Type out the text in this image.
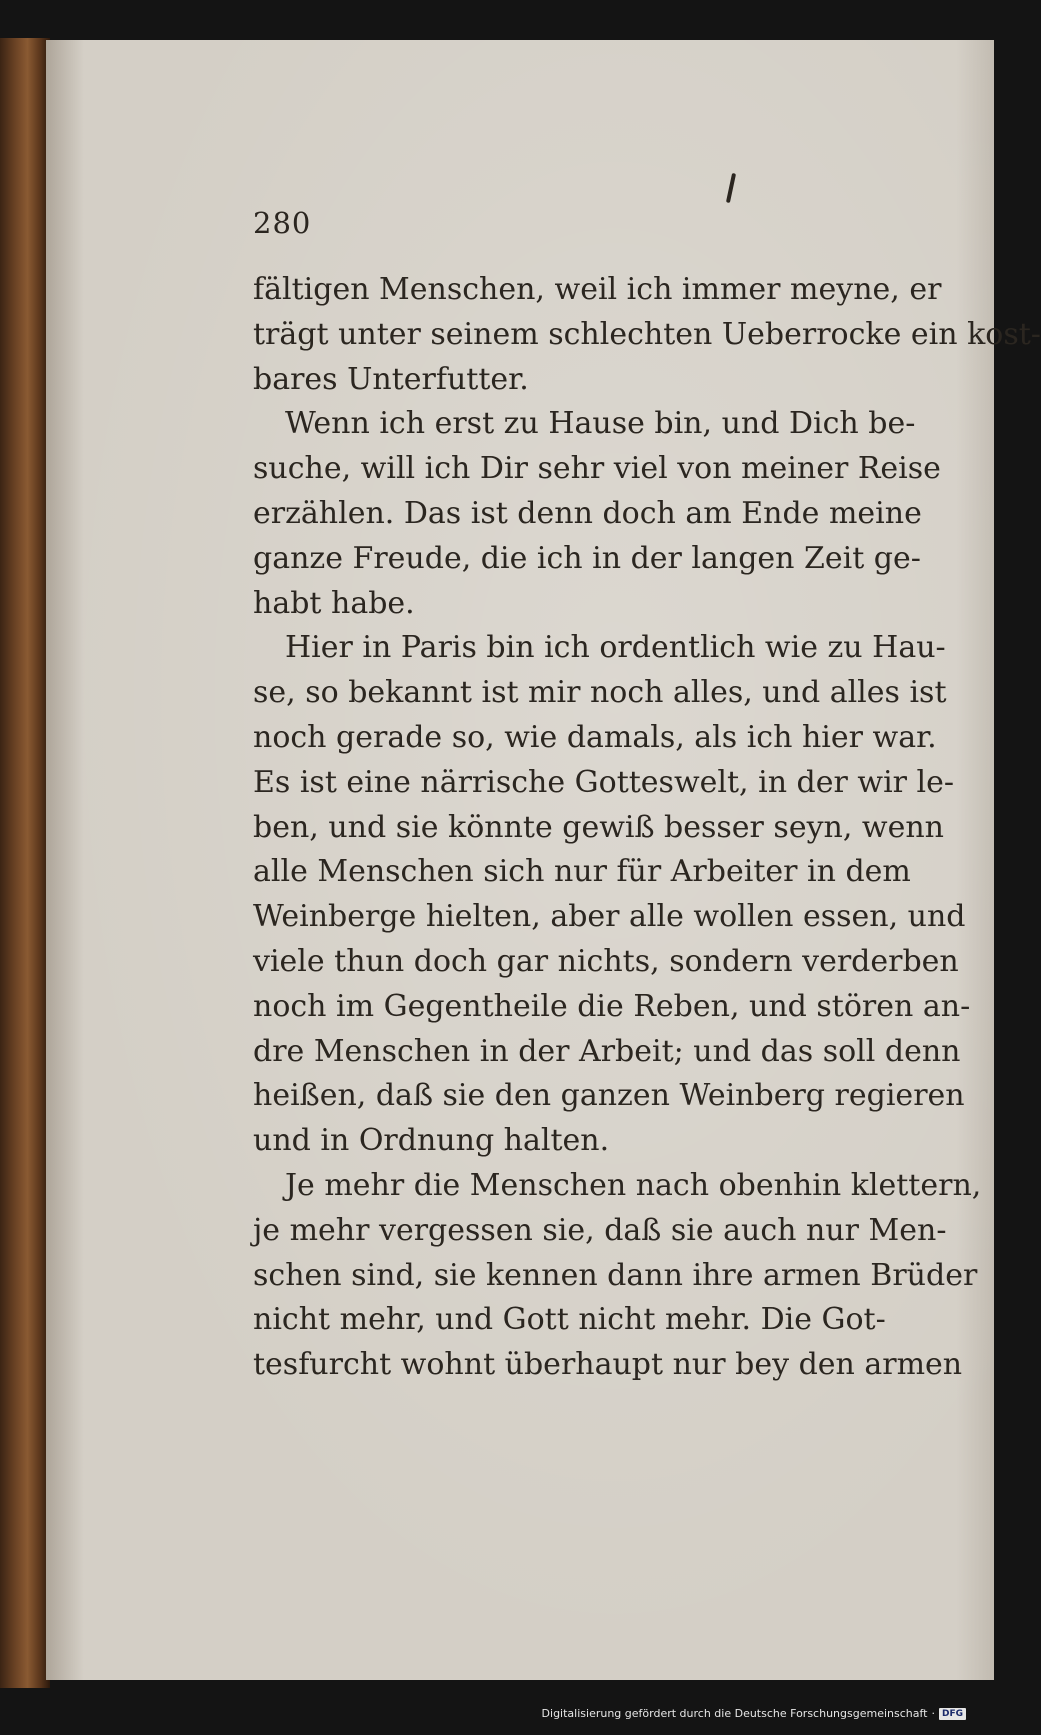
280
fältigen Menschen, weil ich immer meyne, er
trägt unter seinem schlechten Ueberrocke ein kost-
bares Unterfutter.
Wenn ich erst zu Hause bin, und Dich be-
suche, will ich Dir sehr viel von meiner Reise
erzählen. Das ist denn doch am Ende meine
ganze Freude, die ich in der langen Zeit ge-
habt habe.
Hier in Paris bin ich ordentlich wie zu Hau-
se, so bekannt ist mir noch alles, und alles ist
noch gerade so, wie damals, als ich hier war.
Es ist eine närrische Gotteswelt, in der wir le-
ben, und sie könnte gewiß besser seyn, wenn
alle Menschen sich nur für Arbeiter in dem
Weinberge hielten, aber alle wollen essen, und
viele thun doch gar nichts, sondern verderben
noch im Gegentheile die Reben, und stören an-
dre Menschen in der Arbeit; und das soll denn
heißen, daß sie den ganzen Weinberg regieren
und in Ordnung halten.
Je mehr die Menschen nach obenhin klettern,
je mehr vergessen sie, daß sie auch nur Men-
schen sind, sie kennen dann ihre armen Brüder
nicht mehr, und Gott nicht mehr. Die Got-
tesfurcht wohnt überhaupt nur bey den armen
Digitalisierung gefördert durch die Deutsche Forschungsgemeinschaft · DFG
